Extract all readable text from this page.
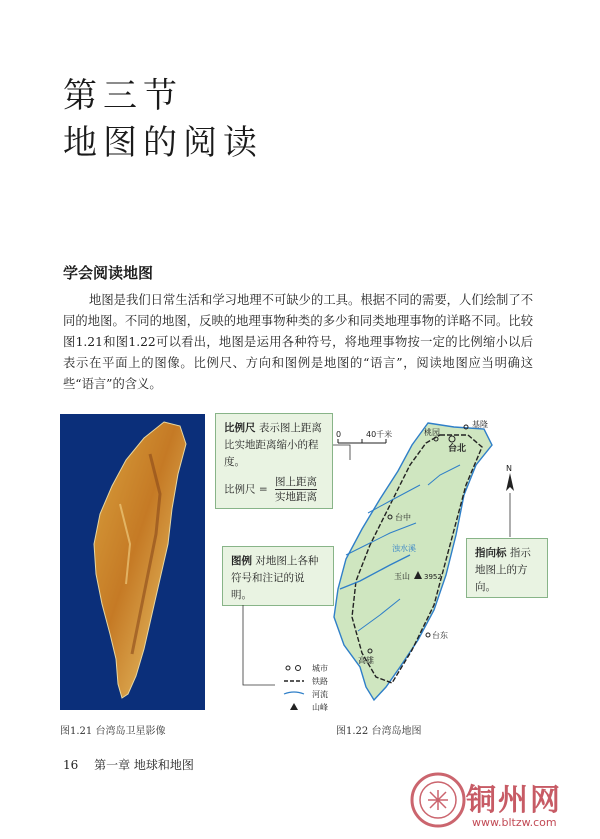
第三节
地图的阅读
学会阅读地图

地图是我们日常生活和学习地理不可缺少的工具。根据不同的需要，人们绘制了不同的地图。不同的地图，反映的地理事物种类的多少和同类地理事物的详略不同。比较图1.21和图1.22可以看出，地图是运用各种符号，将地理事物按一定的比例缩小以后表示在平面上的图像。比例尺、方向和图例是地图的“语言”，阅读地图应当明确这些“语言”的含义。

比例尺 表示图上距离比实地距离缩小的程度。
比例尺 = $\frac{\text{图上距离}}{\text{实地距离}}$
图例 对地图上各种符号和注记的说明。
指向标 指示地图上的方向。
0	40千米
N
基隆
桃园
台北
台中
台东
高雄
浊水溪
玉山 3952
城市
铁路
河流
山峰
图1.21 台湾岛卫星影像	图1.22 台湾岛地图
16 第一章 地球和地图
铜州网
www.bltzw.com
